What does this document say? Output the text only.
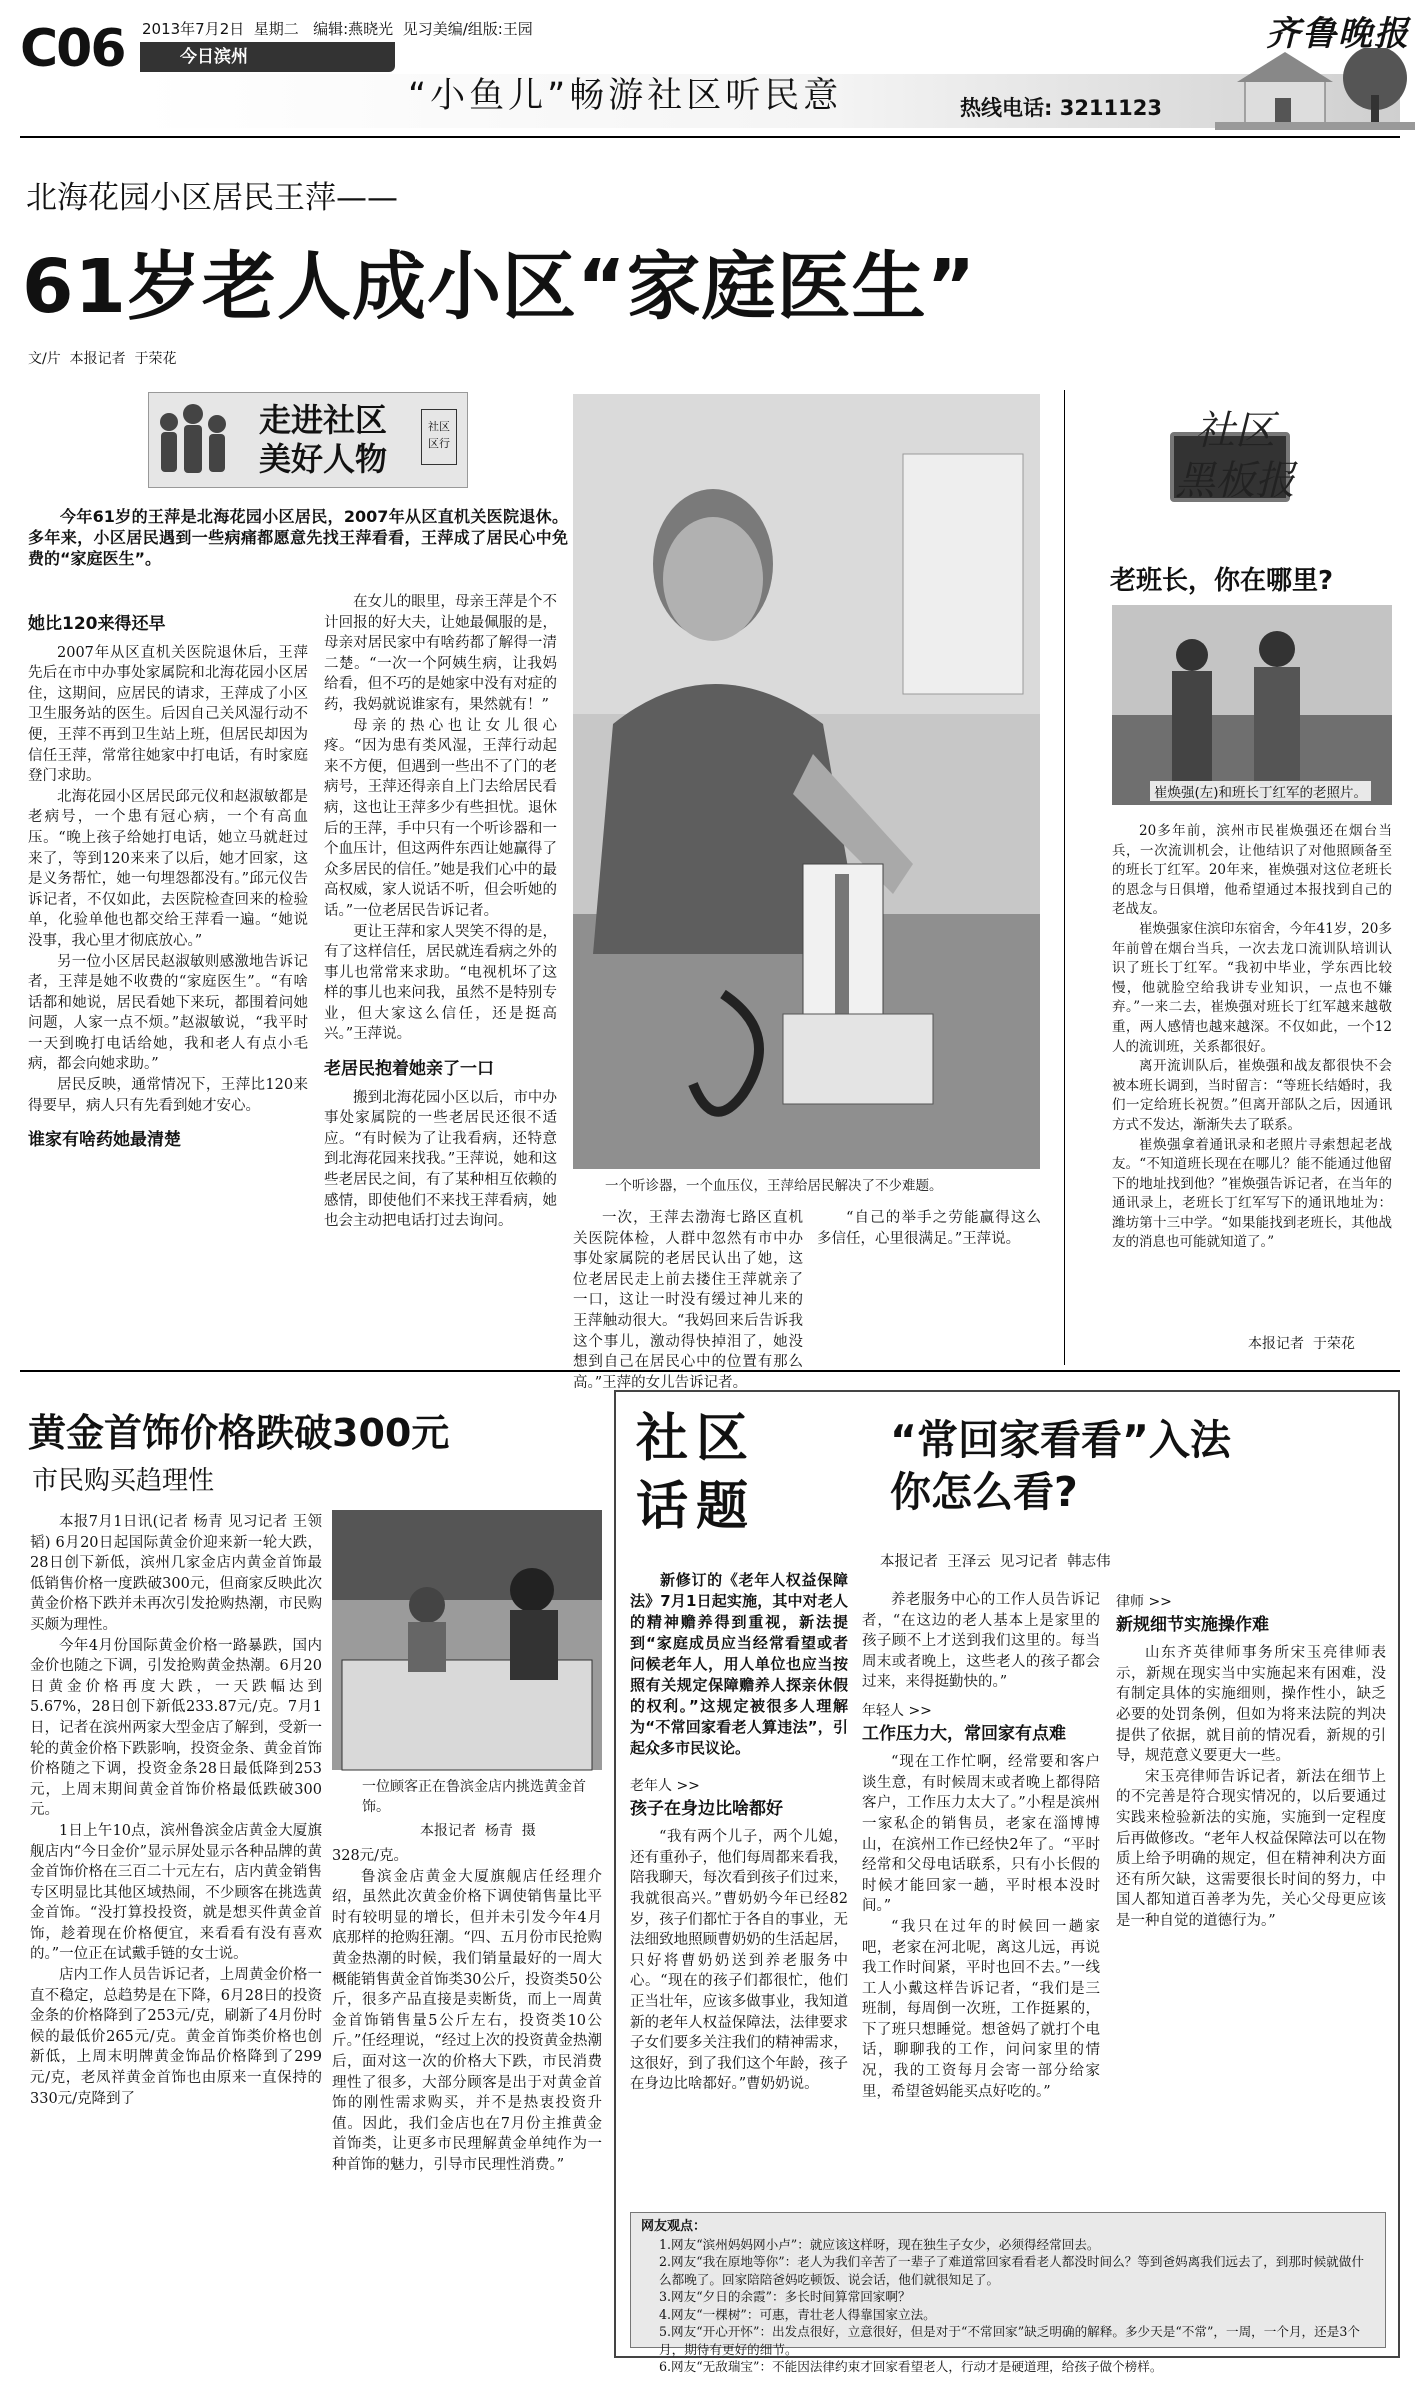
C06 2013年7月2日  星期二   编辑:燕晓光  见习美编/组版:王园
今日滨州
“小鱼儿”畅游社区听民意	热线电话: 3211123
齐鲁晚报
北海花园小区居民王萍——
61岁老人成小区“家庭医生”
文/片  本报记者  于荣花
走进社区
美好人物
社区
区行

今年61岁的王萍是北海花园小区居民，2007年从区直机关医院退休。多年来，小区居民遇到一些病痛都愿意先找王萍看看，王萍成了居民心中免费的“家庭医生”。

她比120来得还早

2007年从区直机关医院退休后，王萍先后在市中办事处家属院和北海花园小区居住，这期间，应居民的请求，王萍成了小区卫生服务站的医生。后因自己关风湿行动不便，王萍不再到卫生站上班，但居民却因为信任王萍，常常往她家中打电话，有时家庭登门求助。

北海花园小区居民邱元仪和赵淑敏都是老病号，一个患有冠心病，一个有高血压。“晚上孩子给她打电话，她立马就赶过来了，等到120来来了以后，她才回家，这是义务帮忙，她一句埋怨都没有。”邱元仪告诉记者，不仅如此，去医院检查回来的检验单，化验单他也都交给王萍看一遍。“她说没事，我心里才彻底放心。”

另一位小区居民赵淑敏则感激地告诉记者，王萍是她不收费的“家庭医生”。“有啥话都和她说，居民看她下来玩，都围着问她问题，人家一点不烦。”赵淑敏说，“我平时一天到晚打电话给她，我和老人有点小毛病，都会向她求助。”

居民反映，通常情况下，王萍比120来得要早，病人只有先看到她才安心。

谁家有啥药她最清楚

在女儿的眼里，母亲王萍是个不计回报的好大夫，让她最佩服的是，母亲对居民家中有啥药都了解得一清二楚。“一次一个阿姨生病，让我妈给看，但不巧的是她家中没有对症的药，我妈就说谁家有，果然就有！”

母亲的热心也让女儿很心疼。“因为患有类风湿，王萍行动起来不方便，但遇到一些出不了门的老病号，王萍还得亲自上门去给居民看病，这也让王萍多少有些担忧。退休后的王萍，手中只有一个听诊器和一个血压计，但这两件东西让她赢得了众多居民的信任。”她是我们心中的最高权威，家人说话不听，但会听她的话。”一位老居民告诉记者。

更让王萍和家人哭笑不得的是，有了这样信任，居民就连看病之外的事儿也常常来求助。“电视机坏了这样的事儿也来问我，虽然不是特别专业，但大家这么信任，还是挺高兴。”王萍说。

老居民抱着她亲了一口

搬到北海花园小区以后，市中办事处家属院的一些老居民还很不适应。“有时候为了让我看病，还特意到北海花园来找我。”王萍说，她和这些老居民之间，有了某种相互依赖的感情，即使他们不来找王萍看病，她也会主动把电话打过去询问。

一个听诊器，一个血压仪，王萍给居民解决了不少难题。

一次，王萍去渤海七路区直机关医院体检，人群中忽然有市中办事处家属院的老居民认出了她，这位老居民走上前去搂住王萍就亲了一口，这让一时没有缓过神儿来的王萍触动很大。“我妈回来后告诉我这个事儿，激动得快掉泪了，她没想到自己在居民心中的位置有那么高。”王萍的女儿告诉记者。

“自己的举手之劳能赢得这么多信任，心里很满足。”王萍说。

社区
黑板报
老班长，你在哪里?
崔焕强(左)和班长丁红军的老照片。

20多年前，滨州市民崔焕强还在烟台当兵，一次流训机会，让他结识了对他照顾备至的班长丁红军。20年来，崔焕强对这位老班长的恩念与日俱增，他希望通过本报找到自己的老战友。

崔焕强家住滨印东宿舍，今年41岁，20多年前曾在烟台当兵，一次去龙口流训队培训认识了班长丁红军。“我初中毕业，学东西比较慢，他就脸空给我讲专业知识，一点也不嫌弃。”一来二去，崔焕强对班长丁红军越来越敬重，两人感情也越来越深。不仅如此，一个12人的流训班，关系都很好。

离开流训队后，崔焕强和战友都很快不会被本班长调到，当时留言：“等班长结婚时，我们一定给班长祝贺。”但离开部队之后，因通讯方式不发达，渐渐失去了联系。

崔焕强拿着通讯录和老照片寻索想起老战友。“不知道班长现在在哪儿？能不能通过他留下的地址找到他？”崔焕强告诉记者，在当年的通讯录上，老班长丁红军写下的通讯地址为：潍坊第十三中学。“如果能找到老班长，其他战友的消息也可能就知道了。”

本报记者  于荣花
黄金首饰价格跌破300元
市民购买趋理性

本报7月1日讯(记者 杨青 见习记者 王领韬) 6月20日起国际黄金价迎来新一轮大跌，28日创下新低，滨州几家金店内黄金首饰最低销售价格一度跌破300元，但商家反映此次黄金价格下跌并未再次引发抢购热潮，市民购买颇为理性。

今年4月份国际黄金价格一路暴跌，国内金价也随之下调，引发抢购黄金热潮。6月20日黄金价格再度大跌，一天跌幅达到5.67%，28日创下新低233.87元/克。7月1日，记者在滨州两家大型金店了解到，受新一轮的黄金价格下跌影响，投资金条、黄金首饰价格随之下调，投资金条28日最低降到253元，上周末期间黄金首饰价格最低跌破300元。

1日上午10点，滨州鲁滨金店黄金大厦旗舰店内“今日金价”显示屏处显示各种品牌的黄金首饰价格在三百二十元左右，店内黄金销售专区明显比其他区域热闹，不少顾客在挑选黄金首饰。“没打算投投资，就是想买件黄金首饰，趁着现在价格便宜，来看看有没有喜欢的。”一位正在试戴手链的女士说。

店内工作人员告诉记者，上周黄金价格一直不稳定，总趋势是在下降，6月28日的投资金条的价格降到了253元/克，刷新了4月份时候的最低价265元/克。黄金首饰类价格也创新低，上周末明牌黄金饰品价格降到了299元/克，老凤祥黄金首饰也由原来一直保持的330元/克降到了

一位顾客正在鲁滨金店内挑选黄金首饰。
本报记者  杨青  摄

328元/克。

鲁滨金店黄金大厦旗舰店任经理介绍，虽然此次黄金价格下调使销售量比平时有较明显的增长，但并未引发今年4月底那样的抢购狂潮。“四、五月份市民抢购黄金热潮的时候，我们销量最好的一周大概能销售黄金首饰类30公斤，投资类50公斤，很多产品直接是卖断货，而上一周黄金首饰销售量5公斤左右，投资类10公斤。”任经理说，“经过上次的投资黄金热潮后，面对这一次的价格大下跌，市民消费理性了很多，大部分顾客是出于对黄金首饰的刚性需求购买，并不是热衷投资升值。因此，我们金店也在7月份主推黄金首饰类，让更多市民理解黄金单纯作为一种首饰的魅力，引导市民理性消费。”

社区
话题
“常回家看看”入法
你怎么看?
本报记者  王泽云  见习记者  韩志伟

新修订的《老年人权益保障法》7月1日起实施，其中对老人的精神赡养得到重视，新法提到“家庭成员应当经常看望或者问候老年人，用人单位也应当按照有关规定保障赡养人探亲休假的权利。”这规定被很多人理解为“不常回家看老人算违法”，引起众多市民议论。

老年人 >>
孩子在身边比啥都好

“我有两个儿子，两个儿媳，还有重孙子，他们每周都来看我，陪我聊天，每次看到孩子们过来，我就很高兴。”曹奶奶今年已经82岁，孩子们都忙于各自的事业，无法细致地照顾曹奶奶的生活起居，只好将曹奶奶送到养老服务中心。“现在的孩子们都很忙，他们正当壮年，应该多做事业，我知道新的老年人权益保障法，法律要求子女们要多关注我们的精神需求，这很好，到了我们这个年龄，孩子在身边比啥都好。”曹奶奶说。

养老服务中心的工作人员告诉记者，“在这边的老人基本上是家里的孩子顾不上才送到我们这里的。每当周末或者晚上，这些老人的孩子都会过来，来得挺勤快的。”

年轻人 >>
工作压力大，常回家有点难

“现在工作忙啊，经常要和客户谈生意，有时候周末或者晚上都得陪客户，工作压力太大了。”小程是滨州一家私企的销售员，老家在淄博博山，在滨州工作已经快2年了。“平时经常和父母电话联系，只有小长假的时候才能回家一趟，平时根本没时间。”

“我只在过年的时候回一趟家吧，老家在河北呢，离这儿远，再说我工作时间紧，平时也回不去。”一线工人小戴这样告诉记者，“我们是三班制，每周倒一次班，工作挺累的，下了班只想睡觉。想爸妈了就打个电话，聊聊我的工作，问问家里的情况，我的工资每月会寄一部分给家里，希望爸妈能买点好吃的。”

律师 >>
新规细节实施操作难

山东齐英律师事务所宋玉亮律师表示，新规在现实当中实施起来有困难，没有制定具体的实施细则，操作性小，缺乏必要的处罚条例，但如为将来法院的判决提供了依据，就目前的情况看，新规的引导，规范意义要更大一些。

宋玉亮律师告诉记者，新法在细节上的不完善是符合现实情况的，以后要通过实践来检验新法的实施，实施到一定程度后再做修改。“老年人权益保障法可以在物质上给予明确的规定，但在精神利决方面还有所欠缺，这需要很长时间的努力，中国人都知道百善孝为先，关心父母更应该是一种自觉的道德行为。”

网友观点：
1.网友“滨州妈妈网小卢”：就应该这样呀，现在独生子女少，必须得经常回去。
2.网友“我在原地等你”：老人为我们辛苦了一辈子了难道常回家看看老人都没时间么？等到爸妈离我们远去了，到那时候就做什么都晚了。回家陪陪爸妈吃顿饭、说会话，他们就很知足了。
3.网友“夕日的余霞”：多长时间算常回家啊？
4.网友“一棵树”：可惠，青壮老人得靠国家立法。
5.网友“开心开怀”：出发点很好，立意很好，但是对于“不常回家”缺乏明确的解释。多少天是“不常”，一周，一个月，还是3个月，期待有更好的细节。
6.网友“无敌瑞宝”：不能因法律约束才回家看望老人，行动才是硬道理，给孩子做个榜样。
